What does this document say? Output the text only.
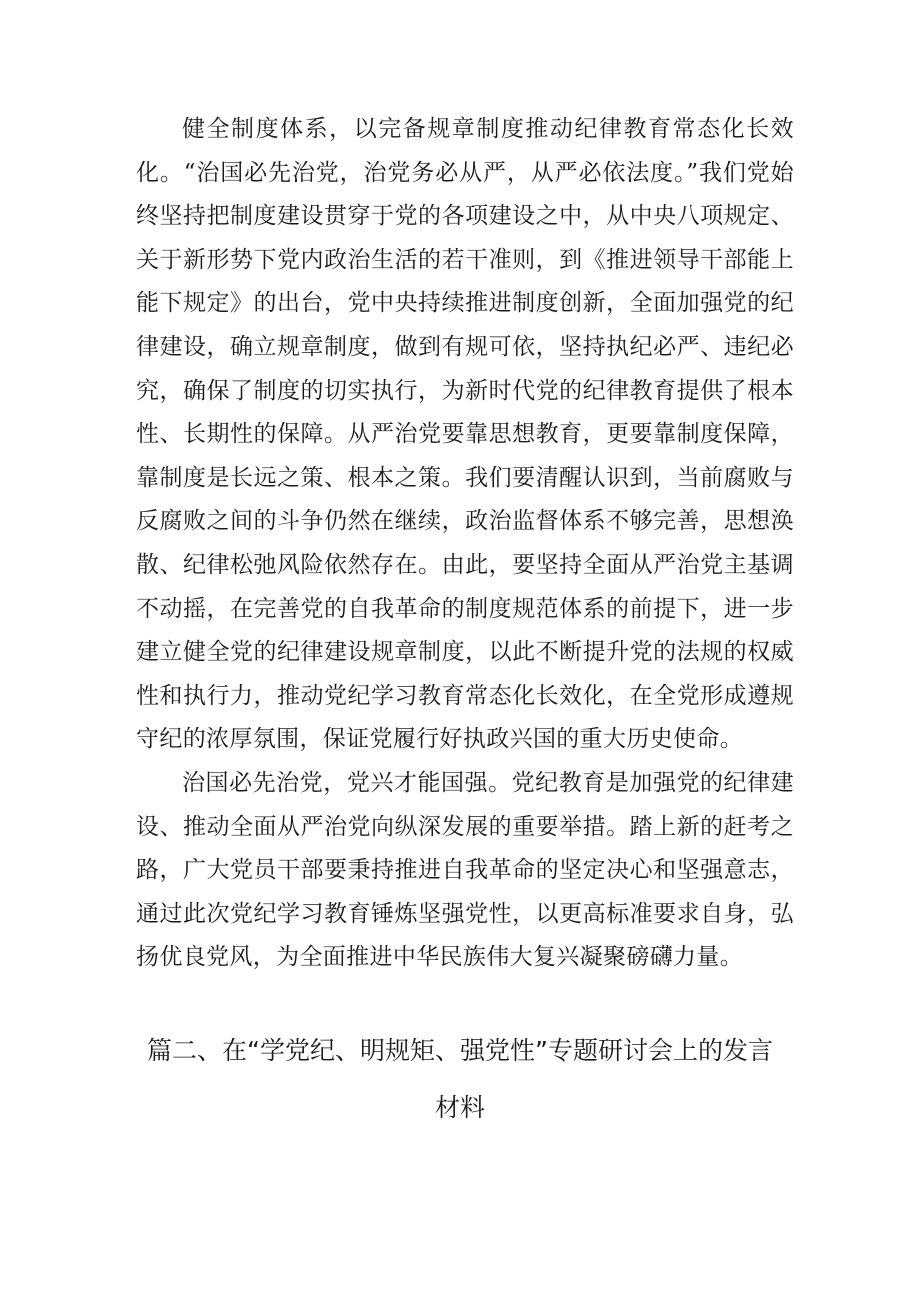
健全制度体系，以完备规章制度推动纪律教育常态化长效化。“治国必先治党，治党务必从严，从严必依法度。”我们党始终坚持把制度建设贯穿于党的各项建设之中，从中央八项规定、关于新形势下党内政治生活的若干准则，到《推进领导干部能上能下规定》的出台，党中央持续推进制度创新，全面加强党的纪律建设，确立规章制度，做到有规可依，坚持执纪必严、违纪必究，确保了制度的切实执行，为新时代党的纪律教育提供了根本性、长期性的保障。从严治党要靠思想教育，更要靠制度保障，靠制度是长远之策、根本之策。我们要清醒认识到，当前腐败与反腐败之间的斗争仍然在继续，政治监督体系不够完善，思想涣散、纪律松弛风险依然存在。由此，要坚持全面从严治党主基调不动摇，在完善党的自我革命的制度规范体系的前提下，进一步建立健全党的纪律建设规章制度，以此不断提升党的法规的权威性和执行力，推动党纪学习教育常态化长效化，在全党形成遵规守纪的浓厚氛围，保证党履行好执政兴国的重大历史使命。

治国必先治党，党兴才能国强。党纪教育是加强党的纪律建设、推动全面从严治党向纵深发展的重要举措。踏上新的赶考之路，广大党员干部要秉持推进自我革命的坚定决心和坚强意志，通过此次党纪学习教育锤炼坚强党性，以更高标准要求自身，弘扬优良党风，为全面推进中华民族伟大复兴凝聚磅礴力量。

篇二、在“学党纪、明规矩、强党性”专题研讨会上的发言材料
